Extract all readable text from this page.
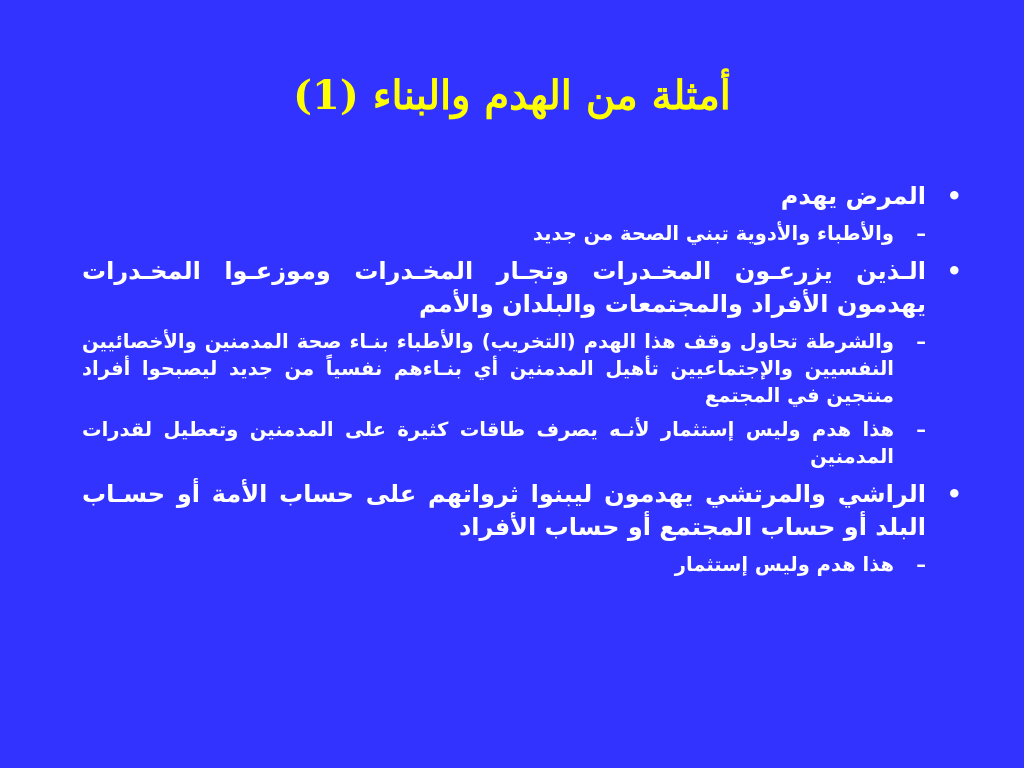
أمثلة من الهدم والبناء (1)
•
المرض يهدم
–
والأطباء والأدوية تبني الصحة من جديد
•
الـذين يزرعـون المخـدرات وتجـار المخـدرات وموزعـوا المخـدرات يهدمون الأفراد والمجتمعات والبلدان والأمم
–
والشرطة تحاول وقف هذا الهدم (التخريب) والأطباء بنـاء صحة المدمنين والأخصائيين النفسيين والإجتماعيين تأهيل المدمنين أي بنـاءهم نفسياً من جديد ليصبحوا أفراد منتجين في المجتمع
–
هذا هدم وليس إستثمار لأنـه يصرف طاقات كثيرة على المدمنين وتعطيل لقدرات المدمنين
•
الراشي والمرتشي يهدمون ليبنوا ثرواتهم على حساب الأمة أو حسـاب البلد أو حساب المجتمع أو حساب الأفراد
–
هذا هدم وليس إستثمار
